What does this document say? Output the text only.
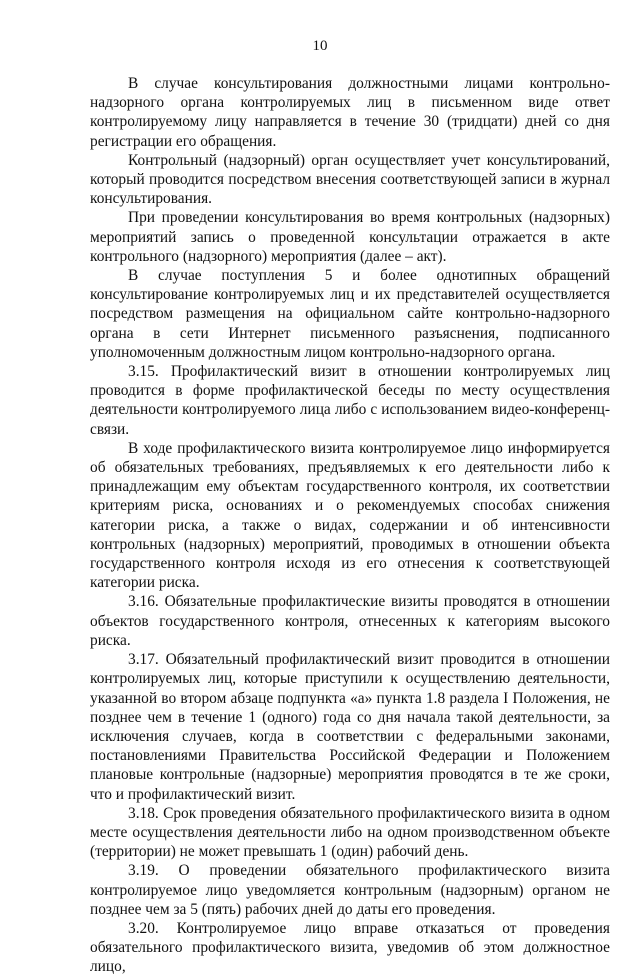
10

В случае консультирования должностными лицами контрольно-надзорного органа контролируемых лиц в письменном виде ответ контролируемому лицу направляется в течение 30 (тридцати) дней со дня регистрации его обращения.

Контрольный (надзорный) орган осуществляет учет консультирований, который проводится посредством внесения соответствующей записи в журнал консультирования.

При проведении консультирования во время контрольных (надзорных) мероприятий запись о проведенной консультации отражается в акте контрольного (надзорного) мероприятия (далее – акт).

В случае поступления 5 и более однотипных обращений консультирование контролируемых лиц и их представителей осуществляется посредством размещения на официальном сайте контрольно-надзорного органа в сети Интернет письменного разъяснения, подписанного уполномоченным должностным лицом контрольно-надзорного органа.

3.15. Профилактический визит в отношении контролируемых лиц проводится в форме профилактической беседы по месту осуществления деятельности контролируемого лица либо с использованием видео-конференц-связи.

В ходе профилактического визита контролируемое лицо информируется об обязательных требованиях, предъявляемых к его деятельности либо к принадлежащим ему объектам государственного контроля, их соответствии критериям риска, основаниях и о рекомендуемых способах снижения категории риска, а также о видах, содержании и об интенсивности контрольных (надзорных) мероприятий, проводимых в отношении объекта государственного контроля исходя из его отнесения к соответствующей категории риска.

3.16. Обязательные профилактические визиты проводятся в отношении объектов государственного контроля, отнесенных к категориям высокого риска.

3.17. Обязательный профилактический визит проводится в отношении контролируемых лиц, которые приступили к осуществлению деятельности, указанной во втором абзаце подпункта «а» пункта 1.8 раздела I Положения, не позднее чем в течение 1 (одного) года со дня начала такой деятельности, за исключения случаев, когда в соответствии с федеральными законами, постановлениями Правительства Российской Федерации и Положением плановые контрольные (надзорные) мероприятия проводятся в те же сроки, что и профилактический визит.

3.18. Срок проведения обязательного профилактического визита в одном месте осуществления деятельности либо на одном производственном объекте (территории) не может превышать 1 (один) рабочий день.

3.19. О проведении обязательного профилактического визита контролируемое лицо уведомляется контрольным (надзорным) органом не позднее чем за 5 (пять) рабочих дней до даты его проведения.

3.20. Контролируемое лицо вправе отказаться от проведения обязательного профилактического визита, уведомив об этом должностное лицо,
